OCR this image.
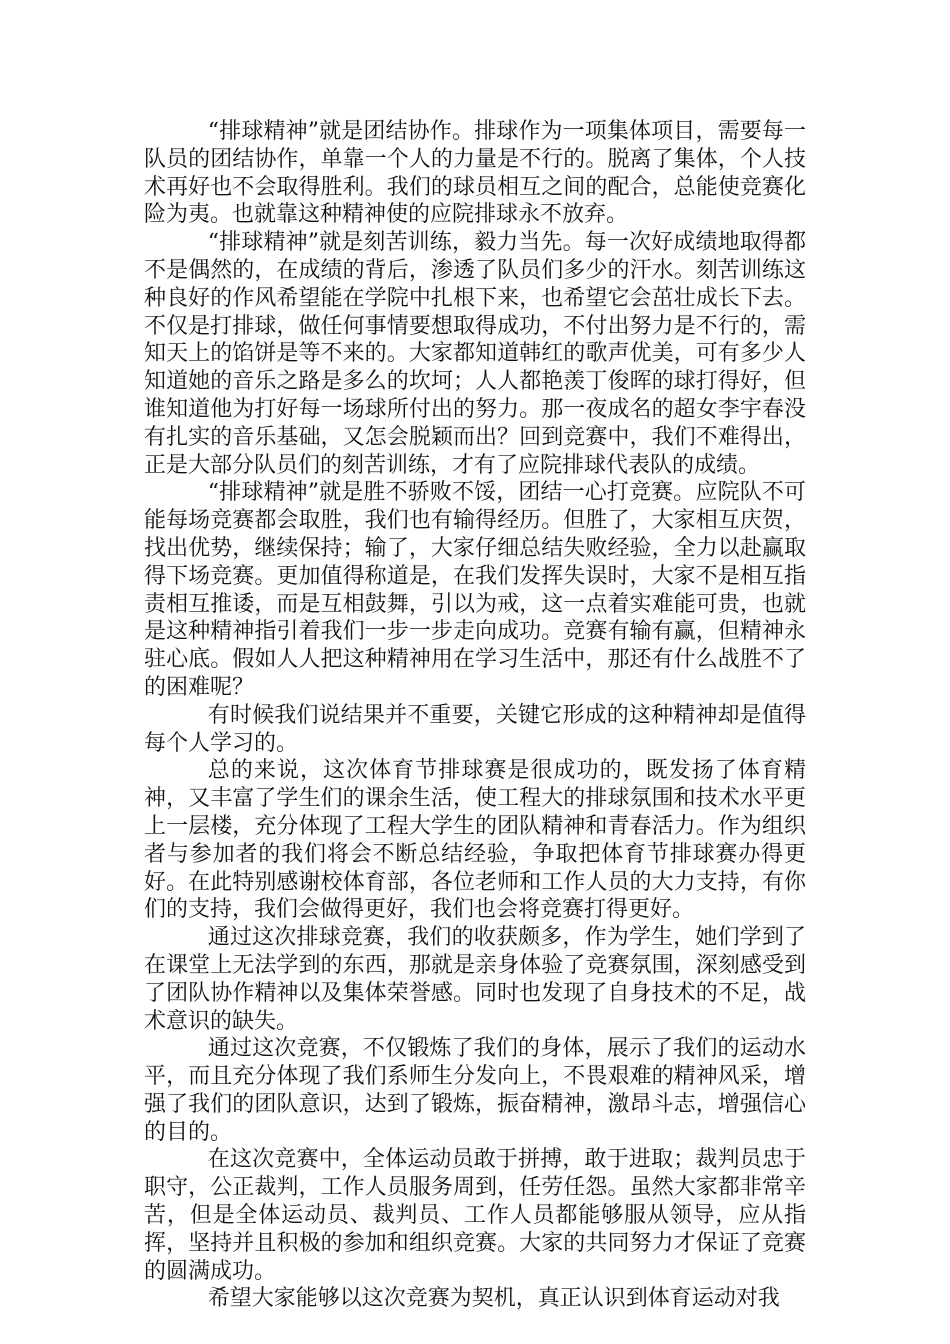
“排球精神”就是团结协作。排球作为一项集体项目，需要每一队员的团结协作，单靠一个人的力量是不行的。脱离了集体，个人技术再好也不会取得胜利。我们的球员相互之间的配合，总能使竞赛化险为夷。也就靠这种精神使的应院排球永不放弃。

“排球精神”就是刻苦训练，毅力当先。每一次好成绩地取得都不是偶然的，在成绩的背后，渗透了队员们多少的汗水。刻苦训练这种良好的作风希望能在学院中扎根下来，也希望它会茁壮成长下去。不仅是打排球，做任何事情要想取得成功，不付出努力是不行的，需知天上的馅饼是等不来的。大家都知道韩红的歌声优美，可有多少人知道她的音乐之路是多么的坎坷；人人都艳羡丁俊晖的球打得好，但谁知道他为打好每一场球所付出的努力。那一夜成名的超女李宇春没有扎实的音乐基础，又怎会脱颖而出？回到竞赛中，我们不难得出，正是大部分队员们的刻苦训练，才有了应院排球代表队的成绩。

“排球精神”就是胜不骄败不馁，团结一心打竞赛。应院队不可能每场竞赛都会取胜，我们也有输得经历。但胜了，大家相互庆贺，找出优势，继续保持；输了，大家仔细总结失败经验，全力以赴赢取得下场竞赛。更加值得称道是，在我们发挥失误时，大家不是相互指责相互推诿，而是互相鼓舞，引以为戒，这一点着实难能可贵，也就是这种精神指引着我们一步一步走向成功。竞赛有输有赢，但精神永驻心底。假如人人把这种精神用在学习生活中，那还有什么战胜不了的困难呢？

有时候我们说结果并不重要，关键它形成的这种精神却是值得每个人学习的。

总的来说，这次体育节排球赛是很成功的，既发扬了体育精神，又丰富了学生们的课余生活，使工程大的排球氛围和技术水平更上一层楼，充分体现了工程大学生的团队精神和青春活力。作为组织者与参加者的我们将会不断总结经验，争取把体育节排球赛办得更好。在此特别感谢校体育部，各位老师和工作人员的大力支持，有你们的支持，我们会做得更好，我们也会将竞赛打得更好。

通过这次排球竞赛，我们的收获颇多，作为学生，她们学到了在课堂上无法学到的东西，那就是亲身体验了竞赛氛围，深刻感受到了团队协作精神以及集体荣誉感。同时也发现了自身技术的不足，战术意识的缺失。

通过这次竞赛，不仅锻炼了我们的身体，展示了我们的运动水平，而且充分体现了我们系师生分发向上，不畏艰难的精神风采，增强了我们的团队意识，达到了锻炼，振奋精神，激昂斗志，增强信心的目的。

在这次竞赛中，全体运动员敢于拼搏，敢于进取；裁判员忠于职守，公正裁判，工作人员服务周到，任劳任怨。虽然大家都非常辛苦，但是全体运动员、裁判员、工作人员都能够服从领导，应从指挥，坚持并且积极的参加和组织竞赛。大家的共同努力才保证了竞赛的圆满成功。

希望大家能够以这次竞赛为契机，真正认识到体育运动对我
